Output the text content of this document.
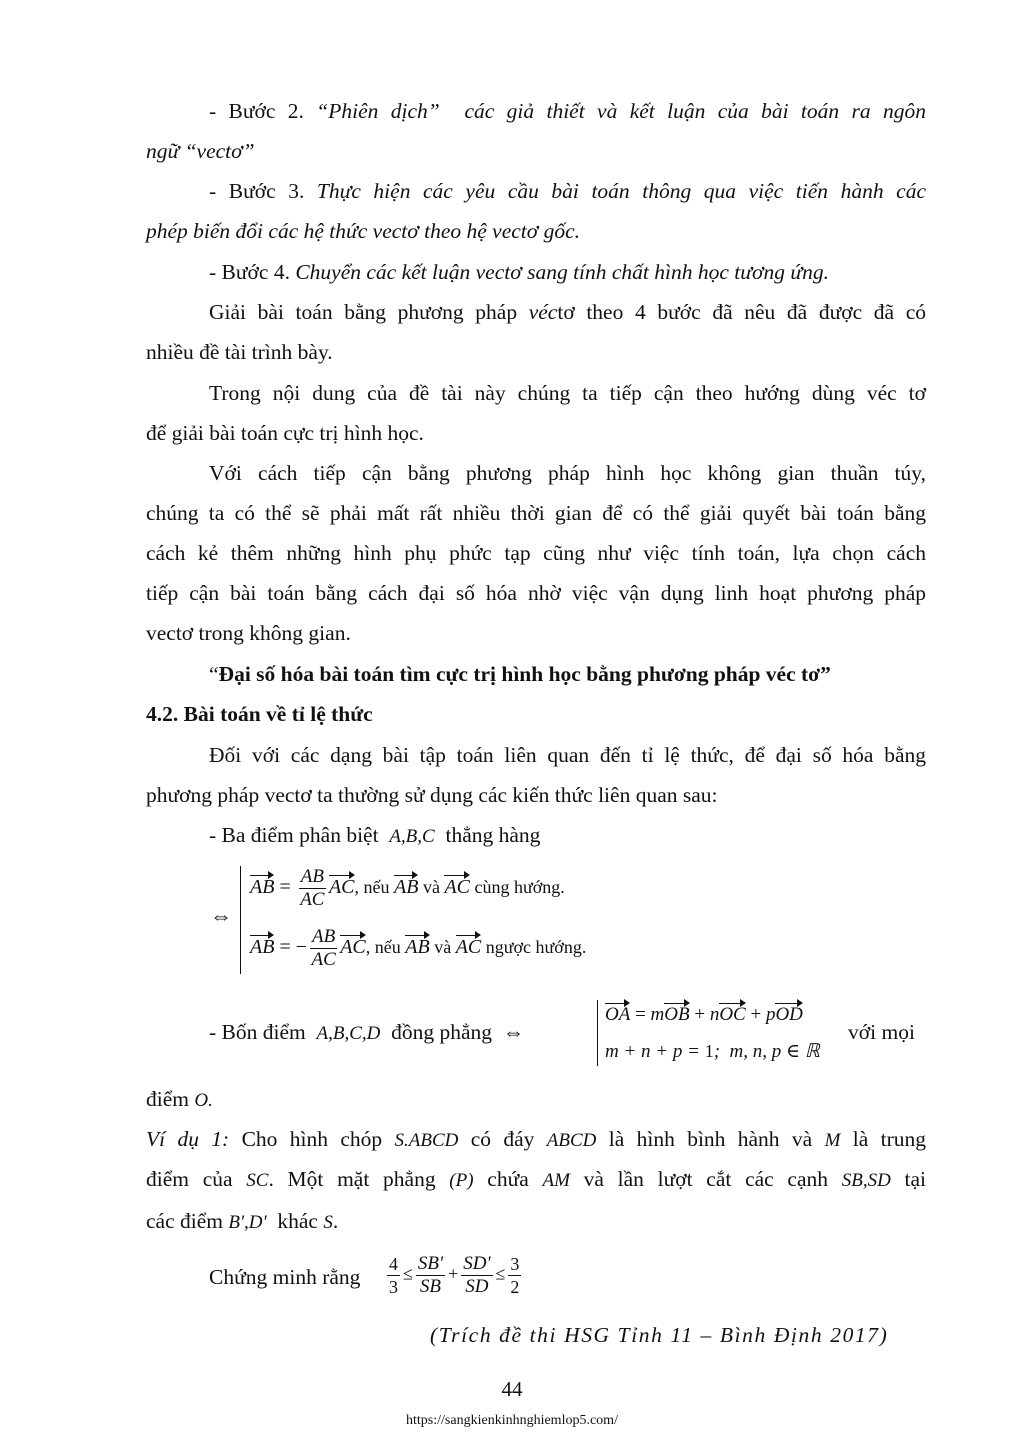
- Bước 2. “Phiên dịch”  các giả thiết và kết luận của bài toán ra ngôn
ngữ “vectơ”
- Bước 3. Thực hiện các yêu cầu bài toán thông qua việc tiến hành các
phép biến đổi các hệ thức vectơ theo hệ vectơ gốc.
- Bước 4. Chuyển các kết luận vectơ sang tính chất hình học tương ứng.
Giải bài toán bằng phương pháp véctơ theo 4 bước đã nêu đã được đã có
nhiều đề tài trình bày.
Trong nội dung của đề tài này chúng ta tiếp cận theo hướng dùng véc tơ
để giải bài toán cực trị hình học.
Với cách tiếp cận bằng phương pháp hình học không gian thuần túy,
chúng ta có thể sẽ phải mất rất nhiều thời gian để có thể giải quyết bài toán bằng
cách kẻ thêm những hình phụ phức tạp cũng như việc tính toán, lựa chọn cách
tiếp cận bài toán bằng cách đại số hóa nhờ việc vận dụng linh hoạt phương pháp
vectơ trong không gian.
“Đại số hóa bài toán tìm cực trị hình học bằng phương pháp véc tơ”
4.2. Bài toán về tỉ lệ thức
Đối với các dạng bài tập toán liên quan đến tỉ lệ thức, để đại số hóa bằng
phương pháp vectơ ta thường sử dụng các kiến thức liên quan sau:
- Ba điểm phân biệt  A,B,C  thẳng hàng
⇔
AB = $\frac{AB}{AC}$ AC, nếu AB và AC cùng hướng.
AB = − $\frac{AB}{AC}$ AC, nếu AB và AC ngược hướng.
- Bốn điểm  A,B,C,D  đồng phẳng  ⇔
OA = mOB + nOC + pOD
m + n + p = 1;  m, n, p ∈ ℝ
với mọi
điểm O.
Ví dụ 1: Cho hình chóp S.ABCD có đáy ABCD là hình bình hành và M là trung
điểm của SC. Một mặt phẳng (P) chứa AM và lần lượt cắt các cạnh SB,SD tại
các điểm B',D'  khác S.
Chứng minh rằng $\frac{4}{3} \le \frac{SB'}{SB} + \frac{SD'}{SD} \le \frac{3}{2}$
(Trích đề thi HSG Tỉnh 11 – Bình Định 2017)
44
https://sangkienkinhnghiemlop5.com/
